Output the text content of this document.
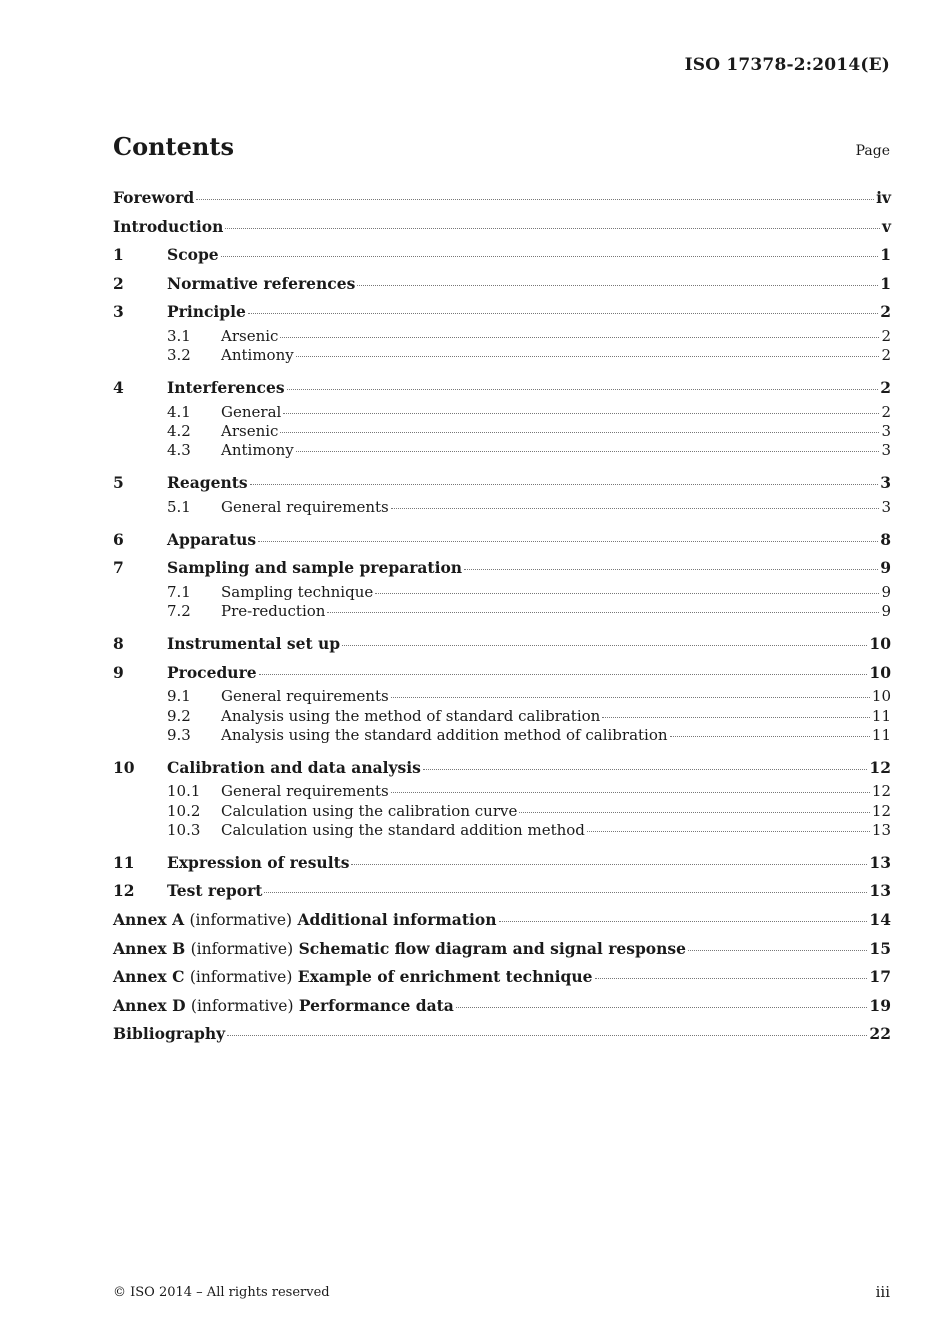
ISO 17378-2:2014(E)
Contents	Page
Foreword	iv
Introduction	v
1	Scope	1
2	Normative references	1
3	Principle	2
3.1	Arsenic	2
3.2	Antimony	2
4	Interferences	2
4.1	General	2
4.2	Arsenic	3
4.3	Antimony	3
5	Reagents	3
5.1	General requirements	3
6	Apparatus	8
7	Sampling and sample preparation	9
7.1	Sampling technique	9
7.2	Pre-reduction	9
8	Instrumental set up	10
9	Procedure	10
9.1	General requirements	10
9.2	Analysis using the method of standard calibration	11
9.3	Analysis using the standard addition method of calibration	11
10	Calibration and data analysis	12
10.1	General requirements	12
10.2	Calculation using the calibration curve	12
10.3	Calculation using the standard addition method	13
11	Expression of results	13
12	Test report	13
Annex A (informative) Additional information	14
Annex B (informative) Schematic flow diagram and signal response	15
Annex C (informative) Example of enrichment technique	17
Annex D (informative) Performance data	19
Bibliography	22
© ISO 2014 – All rights reserved	iii
